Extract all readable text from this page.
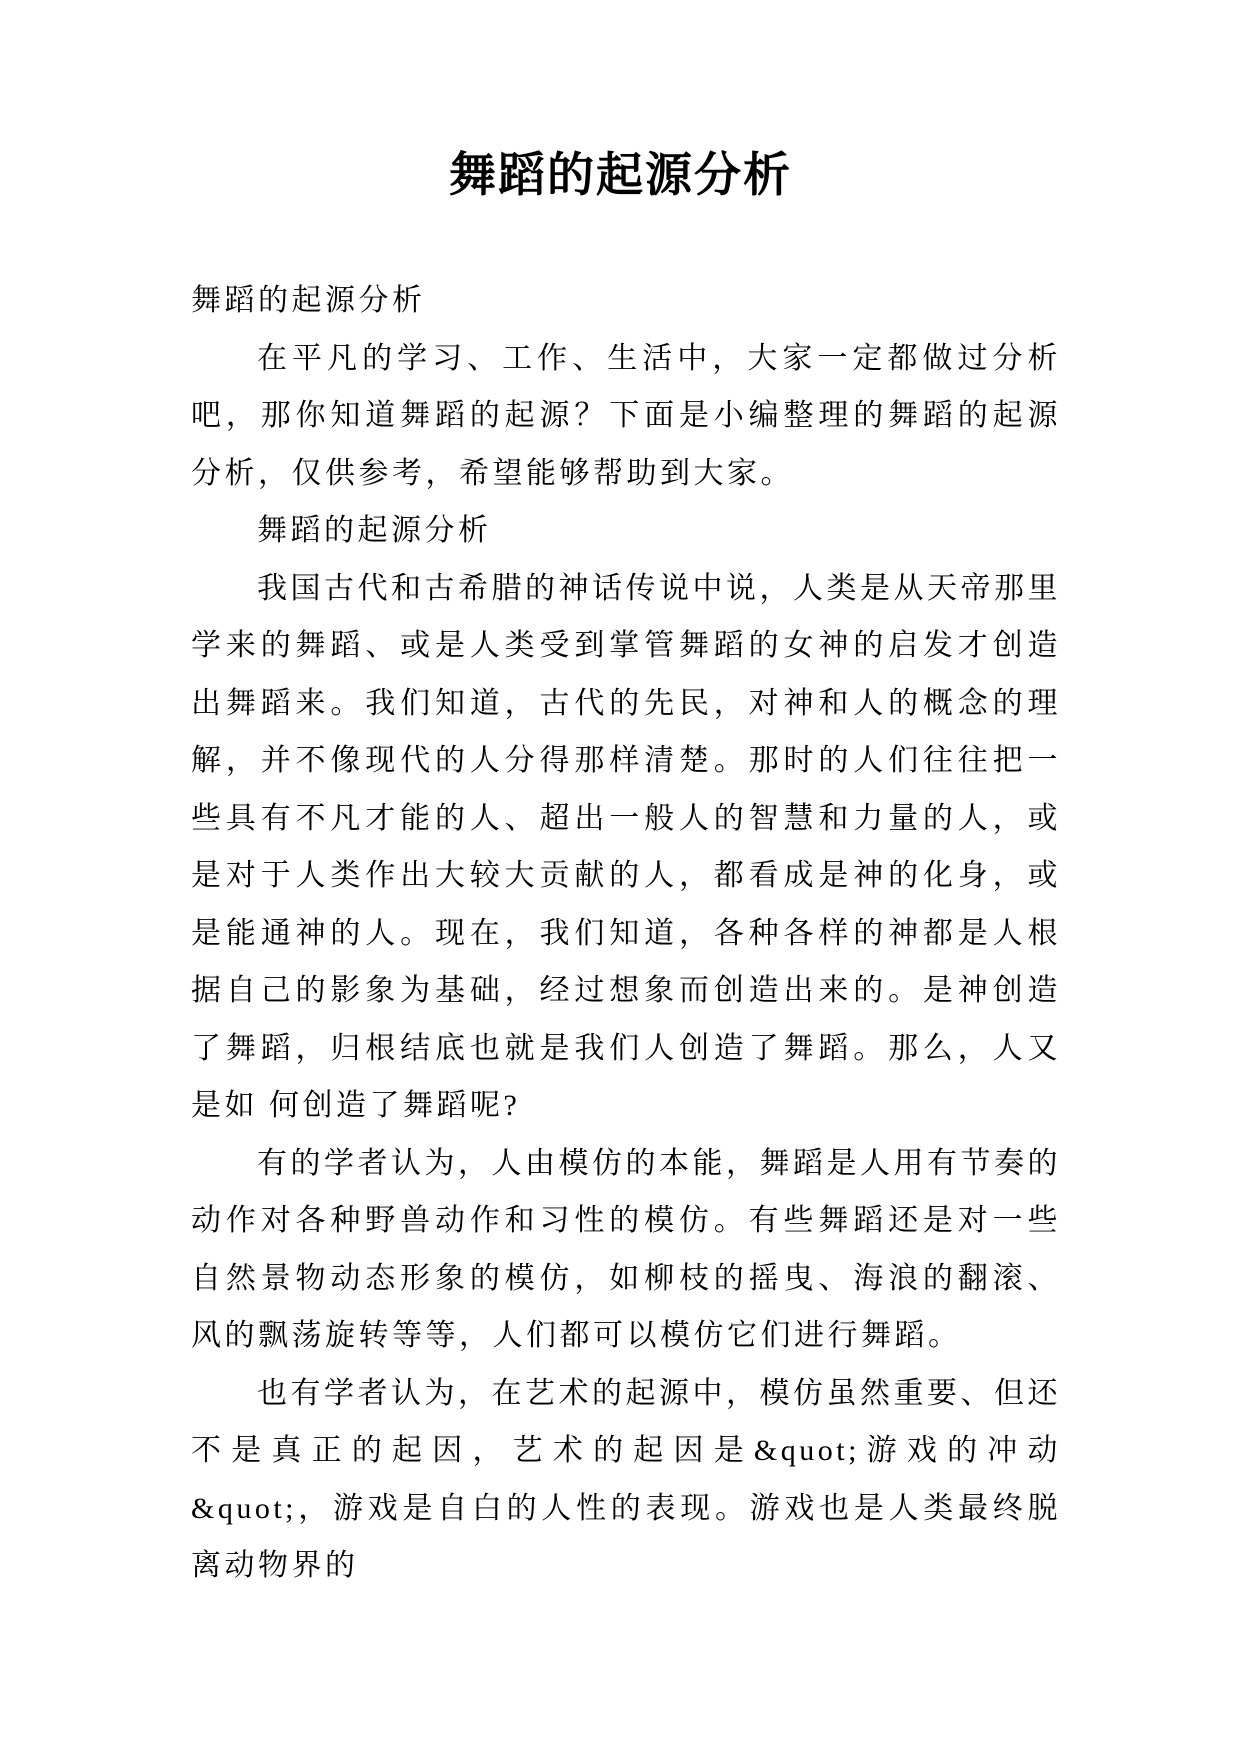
舞蹈的起源分析

舞蹈的起源分析

在平凡的学习、工作、生活中，大家一定都做过分析吧，那你知道舞蹈的起源？下面是小编整理的舞蹈的起源分析，仅供参考，希望能够帮助到大家。

舞蹈的起源分析

我国古代和古希腊的神话传说中说，人类是从天帝那里学来的舞蹈、或是人类受到掌管舞蹈的女神的启发才创造出舞蹈来。我们知道，古代的先民，对神和人的概念的理解，并不像现代的人分得那样清楚。那时的人们往往把一些具有不凡才能的人、超出一般人的智慧和力量的人，或是对于人类作出大较大贡献的人，都看成是神的化身，或是能通神的人。现在，我们知道，各种各样的神都是人根据自己的影象为基础，经过想象而创造出来的。是神创造了舞蹈，归根结底也就是我们人创造了舞蹈。那么，人又是如 何创造了舞蹈呢?

有的学者认为，人由模仿的本能，舞蹈是人用有节奏的动作对各种野兽动作和习性的模仿。有些舞蹈还是对一些自然景物动态形象的模仿，如柳枝的摇曳、海浪的翻滚、风的飘荡旋转等等，人们都可以模仿它们进行舞蹈。

也有学者认为，在艺术的起源中，模仿虽然重要、但还不是真正的起因，艺术的起因是&quot;游戏的冲动&quot;，游戏是自白的人性的表现。游戏也是人类最终脱离动物界的
